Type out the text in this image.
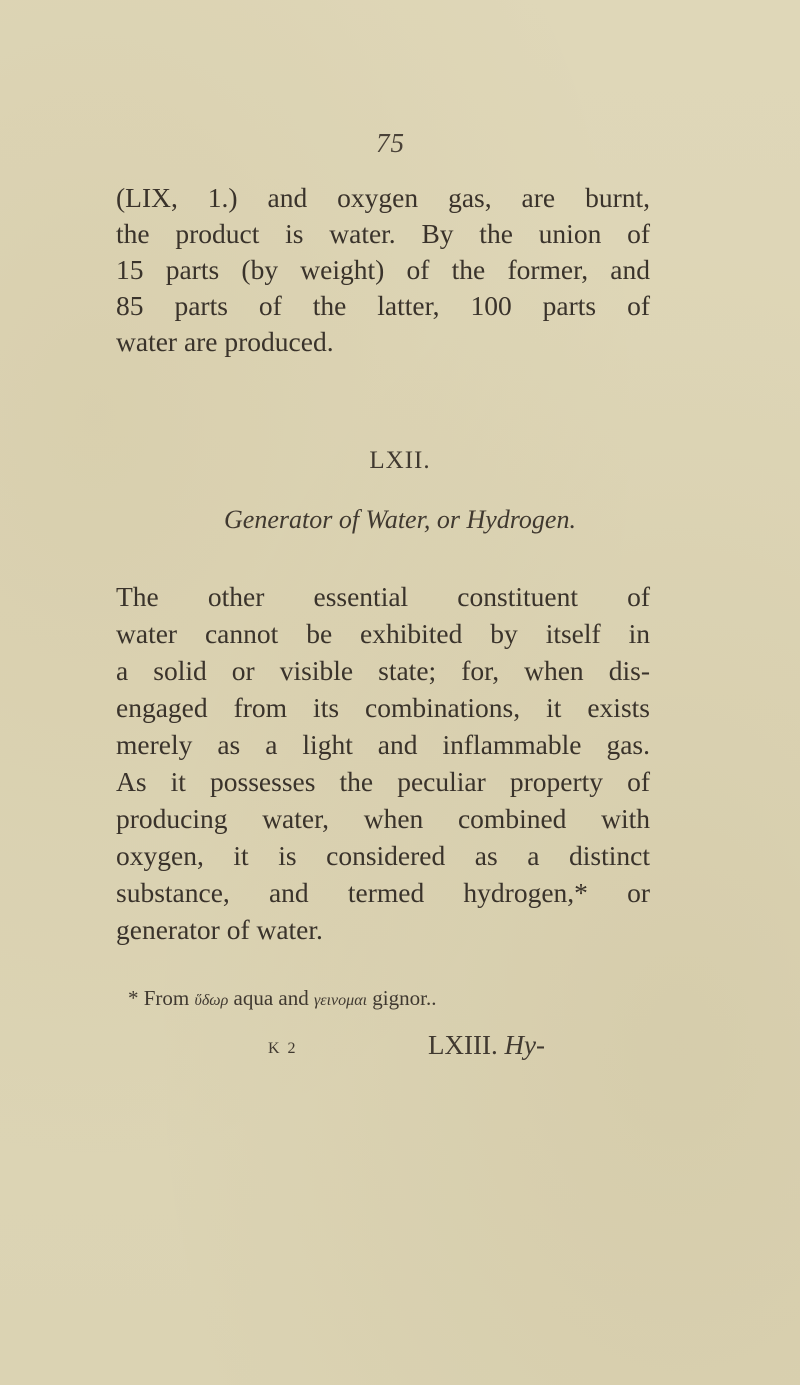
75
(LIX, 1.) and oxygen gas, are burnt,
the product is water. By the union of
15 parts (by weight) of the former, and
85 parts of the latter, 100 parts of
water are produced.
LXII.
Generator of Water, or Hydrogen.
The other essential constituent of
water cannot be exhibited by itself in
a solid or visible state; for, when dis-
engaged from its combinations, it exists
merely as a light and inflammable gas.
As it possesses the peculiar property of
producing water, when combined with
oxygen, it is considered as a distinct
substance, and termed hydrogen,* or
generator of water.
* From ὕδωρ aqua and γεινομαι gignor..
K 2	LXIII. Hy-
